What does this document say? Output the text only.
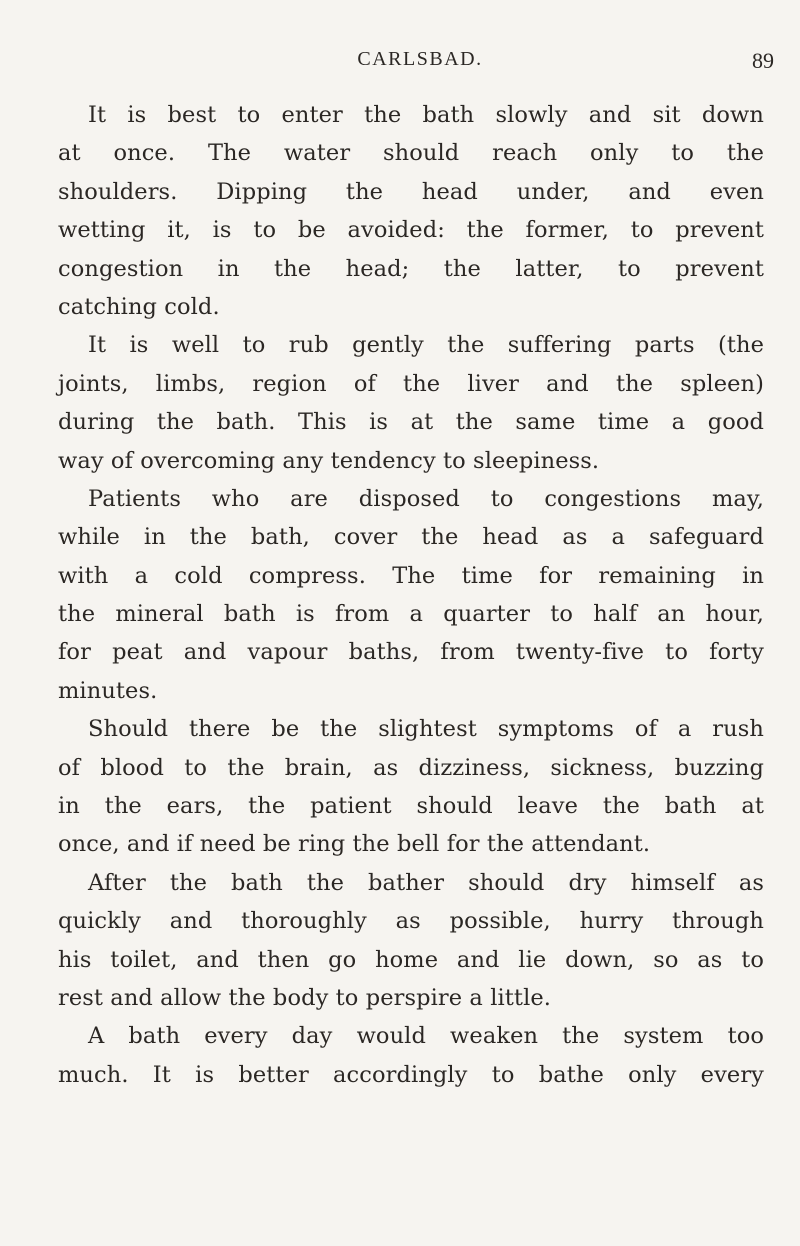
CARLSBAD.	89
It is best to enter the bath slowly and sit down
at once. The water should reach only to the
shoulders. Dipping the head under, and even
wetting it, is to be avoided: the former, to prevent
congestion in the head; the latter, to prevent
catching cold.
It is well to rub gently the suffering parts (the
joints, limbs, region of the liver and the spleen)
during the bath. This is at the same time a good
way of overcoming any tendency to sleepiness.
Patients who are disposed to congestions may,
while in the bath, cover the head as a safeguard
with a cold compress. The time for remaining in
the mineral bath is from a quarter to half an hour,
for peat and vapour baths, from twenty-five to forty
minutes.
Should there be the slightest symptoms of a rush
of blood to the brain, as dizziness, sickness, buzzing
in the ears, the patient should leave the bath at
once, and if need be ring the bell for the attendant.
After the bath the bather should dry himself as
quickly and thoroughly as possible, hurry through
his toilet, and then go home and lie down, so as to
rest and allow the body to perspire a little.
A bath every day would weaken the system too
much. It is better accordingly to bathe only every
